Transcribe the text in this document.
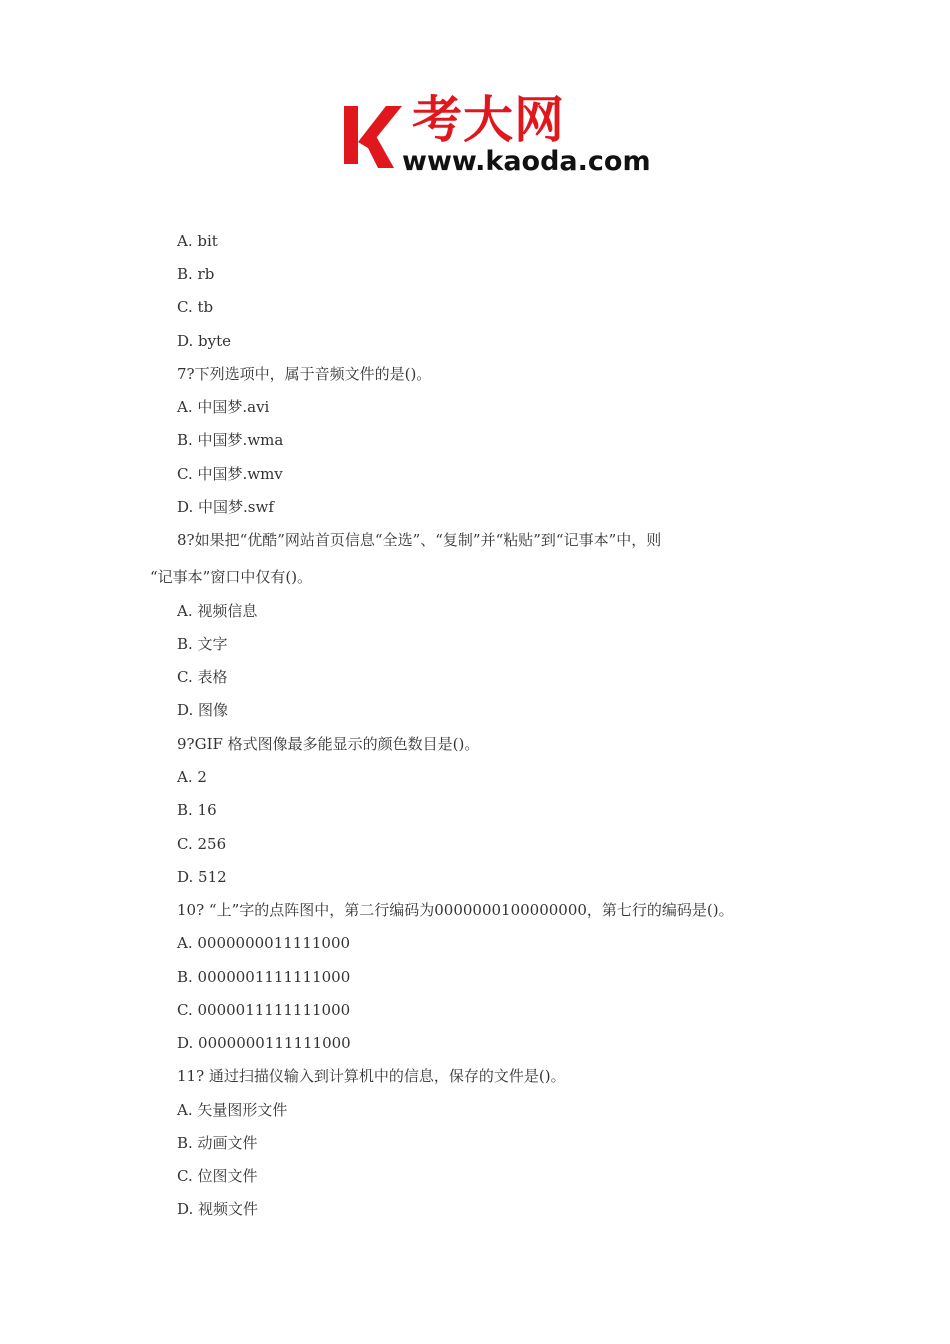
考大网
www.kaoda.com
A. bit
B. rb
C. tb
D. byte
7?下列选项中，属于音频文件的是()。
A. 中国梦.avi
B. 中国梦.wma
C. 中国梦.wmv
D. 中国梦.swf
8?如果把“优酷”网站首页信息“全选”、“复制”并“粘贴”到“记事本”中，则
“记事本”窗口中仅有()。
A. 视频信息
B. 文字
C. 表格
D. 图像
9?GIF 格式图像最多能显示的颜色数目是()。
A. 2
B. 16
C. 256
D. 512
10? “上”字的点阵图中，第二行编码为0000000100000000，第七行的编码是()。
A. 0000000011111000
B. 0000001111111000
C. 0000011111111000
D. 0000000111111000
11? 通过扫描仪输入到计算机中的信息，保存的文件是()。
A. 矢量图形文件
B. 动画文件
C. 位图文件
D. 视频文件
